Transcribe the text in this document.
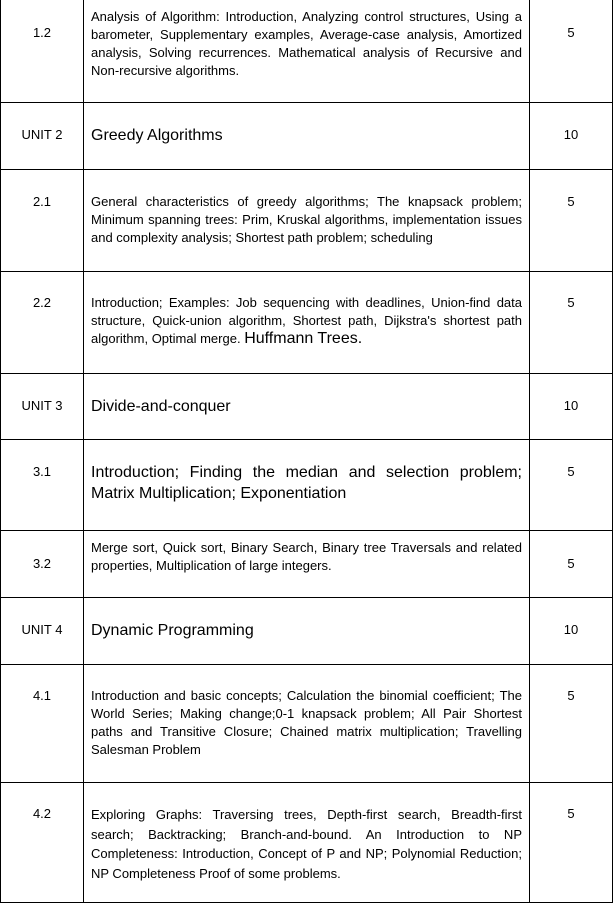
1.2	Analysis of Algorithm: Introduction, Analyzing control structures, Using a barometer, Supplementary examples, Average-case analysis, Amortized analysis, Solving recurrences. Mathematical analysis of Recursive and Non-recursive algorithms.	5

UNIT 2	Greedy Algorithms	10

2.1	General characteristics of greedy algorithms; The knapsack problem; Minimum spanning trees: Prim, Kruskal algorithms, implementation issues and complexity analysis; Shortest path problem; scheduling	5

2.2	Introduction; Examples: Job sequencing with deadlines, Union-find data structure, Quick-union algorithm, Shortest path, Dijkstra's shortest path algorithm, Optimal merge. Huffmann Trees.	5

UNIT 3	Divide-and-conquer	10

3.1	Introduction; Finding the median and selection problem; Matrix Multiplication; Exponentiation	5

3.2	Merge sort, Quick sort, Binary Search, Binary tree Traversals and related properties, Multiplication of large integers.	5

UNIT 4	Dynamic Programming	10

4.1	Introduction and basic concepts; Calculation the binomial coefficient; The World Series; Making change;0-1 knapsack problem; All Pair Shortest paths and Transitive Closure; Chained matrix multiplication; Travelling Salesman Problem	5

4.2	Exploring Graphs: Traversing trees, Depth-first search, Breadth-first search; Backtracking; Branch-and-bound. An Introduction to NP Completeness: Introduction, Concept of P and NP; Polynomial Reduction; NP Completeness Proof of some problems.	5
